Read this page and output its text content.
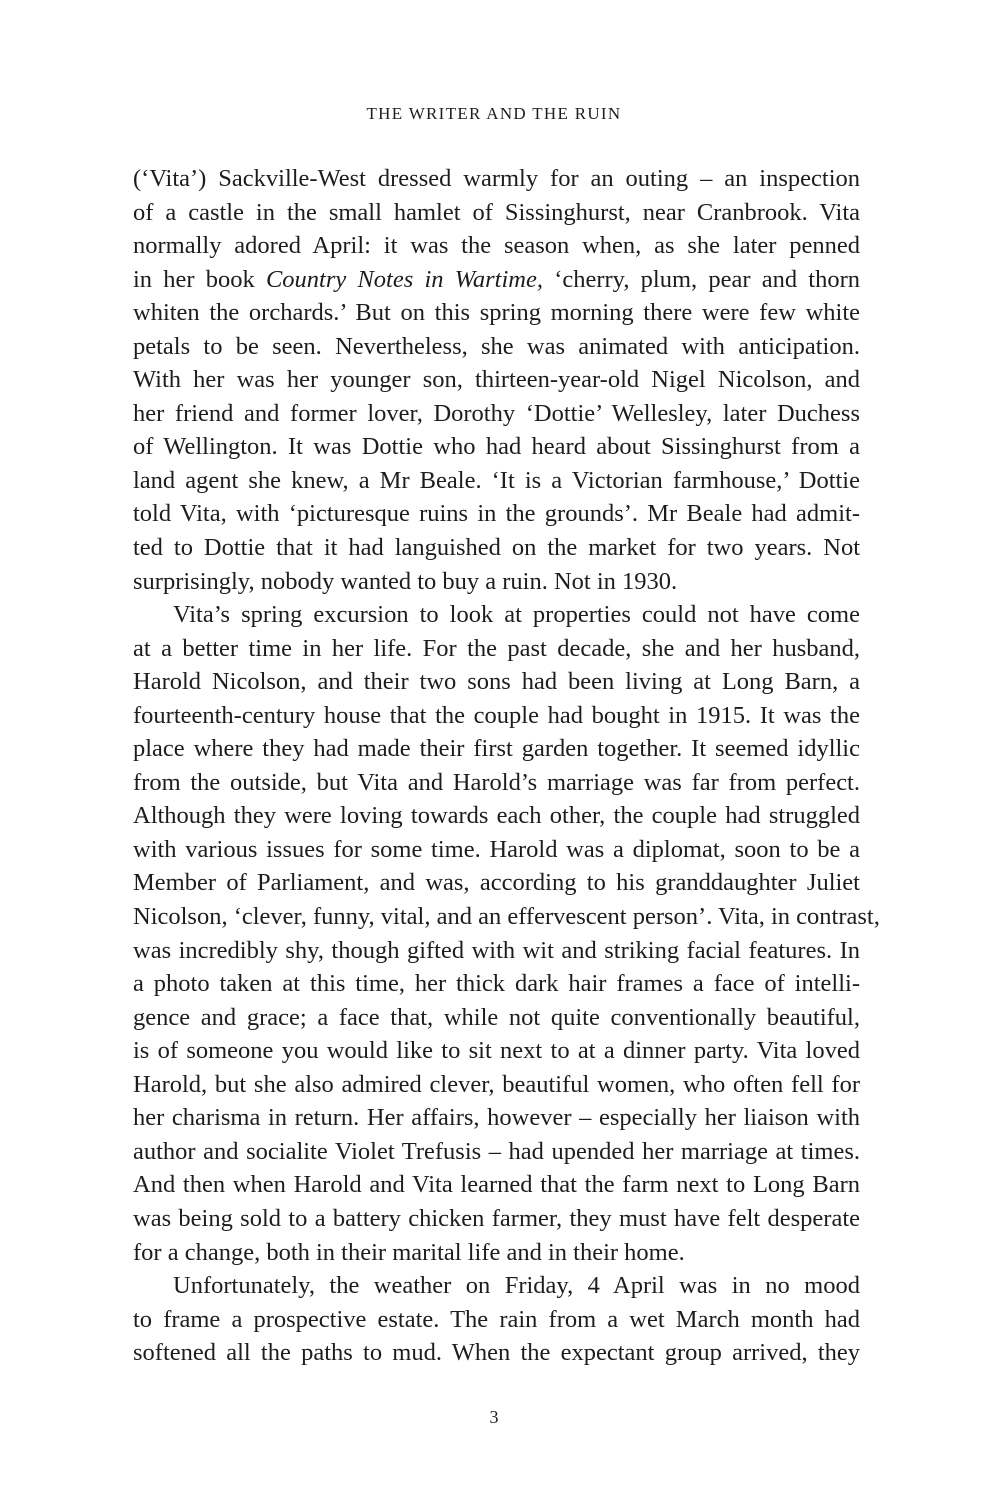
THE WRITER AND THE RUIN
(‘Vita’) Sackville-West dressed warmly for an outing – an inspection
of a castle in the small hamlet of Sissinghurst, near Cranbrook. Vita
normally adored April: it was the season when, as she later penned
in her book Country Notes in Wartime, ‘cherry, plum, pear and thorn
whiten the orchards.’ But on this spring morning there were few white
petals to be seen. Nevertheless, she was animated with anticipation.
With her was her younger son, thirteen-year-old Nigel Nicolson, and
her friend and former lover, Dorothy ‘Dottie’ Wellesley, later Duchess
of Wellington. It was Dottie who had heard about Sissinghurst from a
land agent she knew, a Mr Beale. ‘It is a Victorian farmhouse,’ Dottie
told Vita, with ‘picturesque ruins in the grounds’. Mr Beale had admit-
ted to Dottie that it had languished on the market for two years. Not
surprisingly, nobody wanted to buy a ruin. Not in 1930.
Vita’s spring excursion to look at properties could not have come
at a better time in her life. For the past decade, she and her husband,
Harold Nicolson, and their two sons had been living at Long Barn, a
fourteenth-century house that the couple had bought in 1915. It was the
place where they had made their first garden together. It seemed idyllic
from the outside, but Vita and Harold’s marriage was far from perfect.
Although they were loving towards each other, the couple had struggled
with various issues for some time. Harold was a diplomat, soon to be a
Member of Parliament, and was, according to his granddaughter Juliet
Nicolson, ‘clever, funny, vital, and an effervescent person’. Vita, in contrast,
was incredibly shy, though gifted with wit and striking facial features. In
a photo taken at this time, her thick dark hair frames a face of intelli-
gence and grace; a face that, while not quite conventionally beautiful,
is of someone you would like to sit next to at a dinner party. Vita loved
Harold, but she also admired clever, beautiful women, who often fell for
her charisma in return. Her affairs, however – especially her liaison with
author and socialite Violet Trefusis – had upended her marriage at times.
And then when Harold and Vita learned that the farm next to Long Barn
was being sold to a battery chicken farmer, they must have felt desperate
for a change, both in their marital life and in their home.
Unfortunately, the weather on Friday, 4 April was in no mood
to frame a prospective estate. The rain from a wet March month had
softened all the paths to mud. When the expectant group arrived, they
3
